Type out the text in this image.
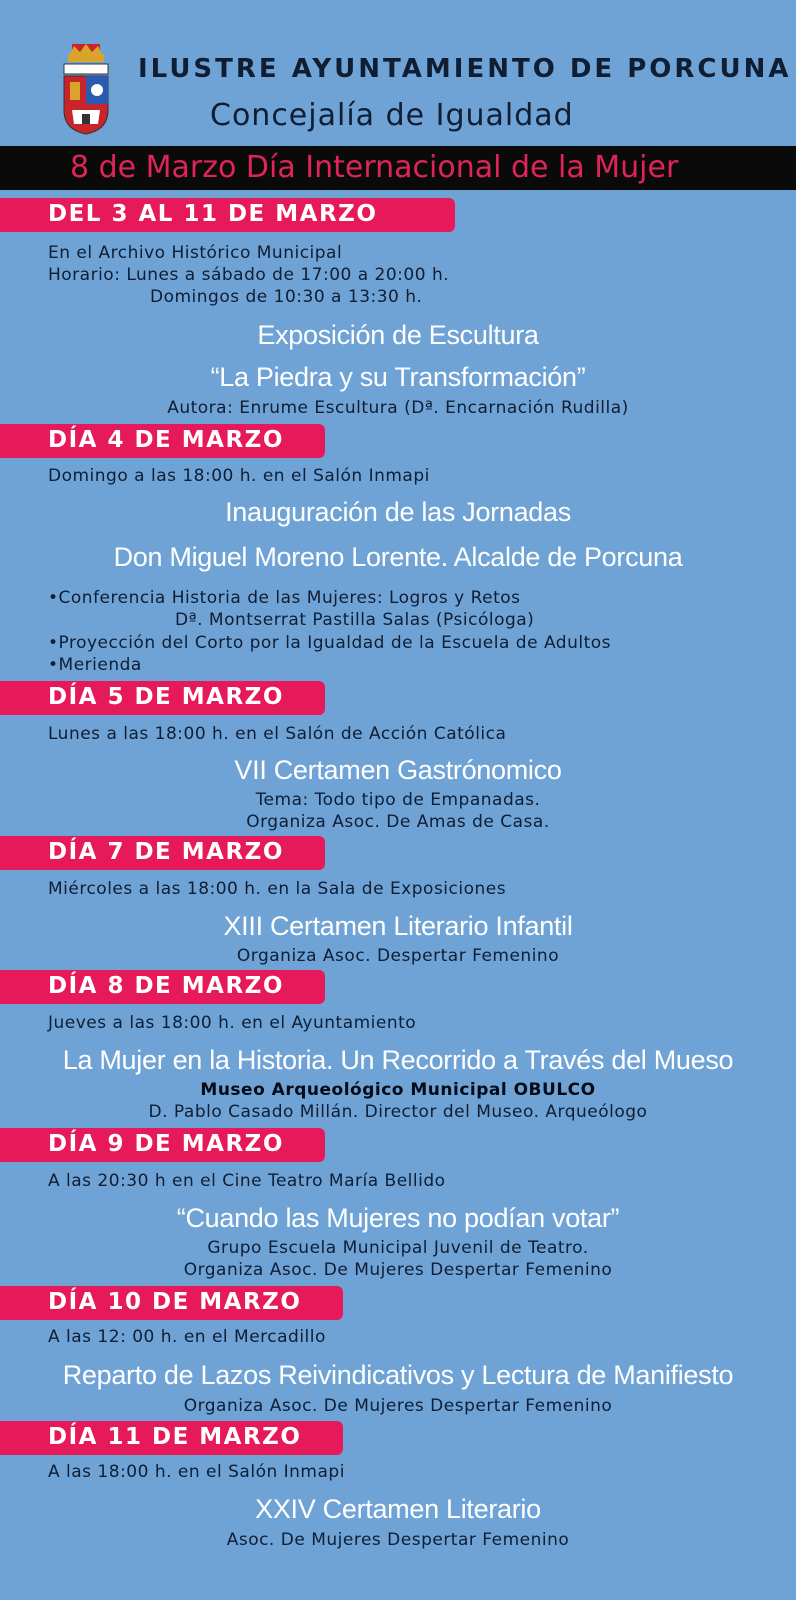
ILUSTRE AYUNTAMIENTO DE PORCUNA
Concejalía de Igualdad
8 de Marzo Día Internacional de la Mujer
DEL 3 AL 11 DE MARZO
En el Archivo Histórico Municipal
Horario: Lunes a sábado de 17:00 a 20:00 h.
Domingos de 10:30 a 13:30 h.
Exposición de Escultura
“La Piedra y su Transformación”
Autora: Enrume Escultura (Dª. Encarnación Rudilla)
DÍA 4 DE MARZO
Domingo a las 18:00 h. en el Salón Inmapi
Inauguración de las Jornadas
Don Miguel Moreno Lorente. Alcalde de Porcuna
•Conferencia Historia de las Mujeres: Logros y Retos
Dª. Montserrat Pastilla Salas (Psicóloga)
•Proyección del Corto por la Igualdad de la Escuela de Adultos
•Merienda
DÍA 5 DE MARZO
Lunes a las 18:00 h. en el Salón de Acción Católica
VII Certamen Gastrónomico
Tema: Todo tipo de Empanadas.
Organiza Asoc. De Amas de Casa.
DÍA 7 DE MARZO
Miércoles a las 18:00 h. en la Sala de Exposiciones
XIII Certamen Literario Infantil
Organiza Asoc. Despertar Femenino
DÍA 8 DE MARZO
Jueves a las 18:00 h. en el Ayuntamiento
La Mujer en la Historia. Un Recorrido a Través del Mueso
Museo Arqueológico Municipal OBULCO
D. Pablo Casado Millán. Director del Museo. Arqueólogo
DÍA 9 DE MARZO
A las 20:30 h en el Cine Teatro María Bellido
“Cuando las Mujeres no podían votar”
Grupo Escuela Municipal Juvenil de Teatro.
Organiza Asoc. De Mujeres Despertar Femenino
DÍA 10 DE MARZO
A las 12: 00 h. en el Mercadillo
Reparto de Lazos Reivindicativos y Lectura de Manifiesto
Organiza Asoc. De Mujeres Despertar Femenino
DÍA 11 DE MARZO
A las 18:00 h. en el Salón Inmapi
XXIV Certamen Literario
Asoc. De Mujeres Despertar Femenino
